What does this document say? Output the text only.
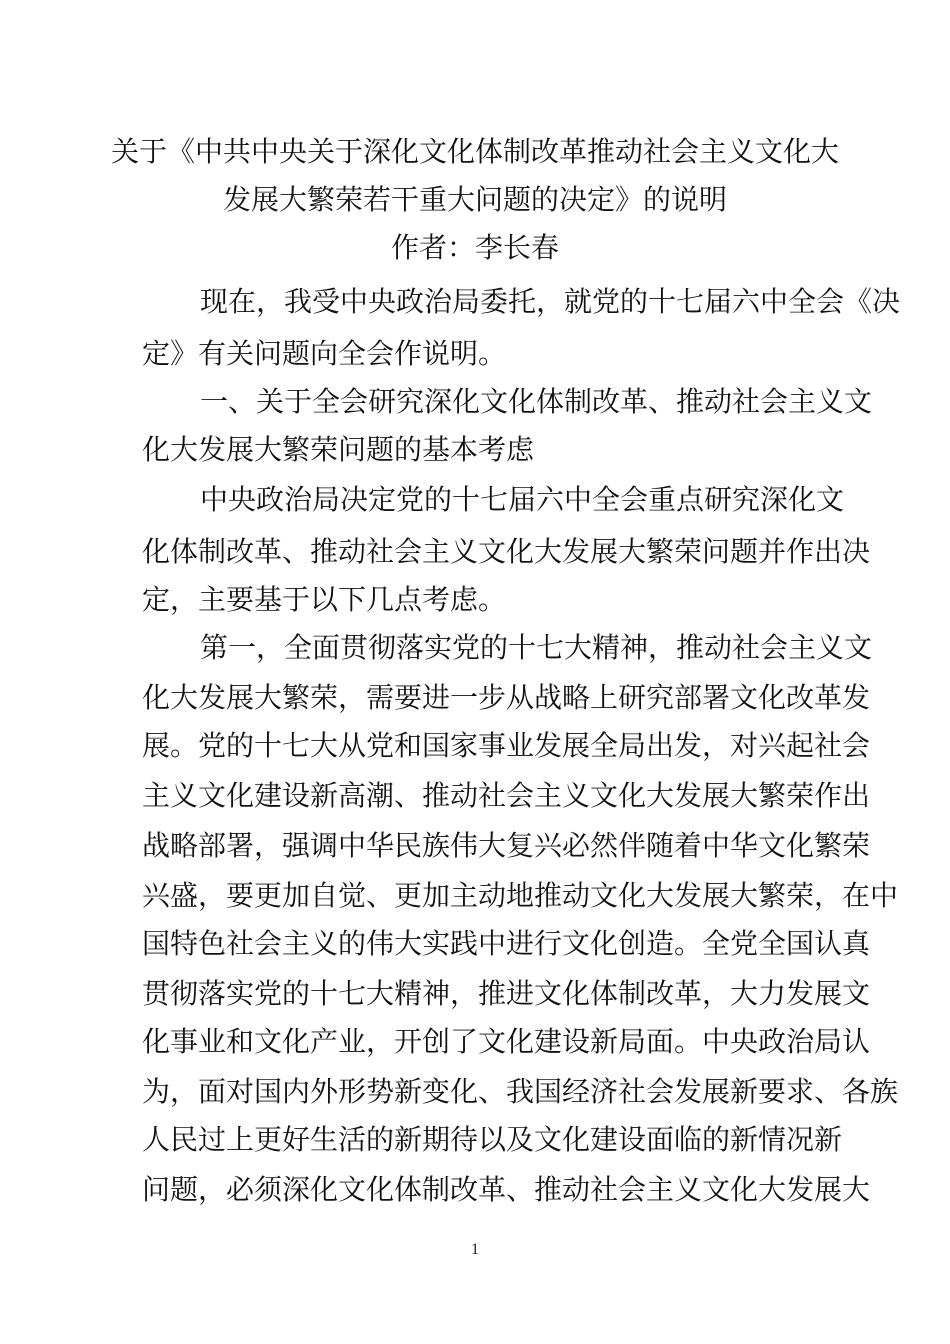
关于《中共中央关于深化文化体制改革推动社会主义文化大
发展大繁荣若干重大问题的决定》的说明
作者：李长春
现在，我受中央政治局委托，就党的十七届六中全会《决
定》有关问题向全会作说明。
一、关于全会研究深化文化体制改革、推动社会主义文
化大发展大繁荣问题的基本考虑
中央政治局决定党的十七届六中全会重点研究深化文
化体制改革、推动社会主义文化大发展大繁荣问题并作出决
定，主要基于以下几点考虑。
第一，全面贯彻落实党的十七大精神，推动社会主义文
化大发展大繁荣，需要进一步从战略上研究部署文化改革发
展。党的十七大从党和国家事业发展全局出发，对兴起社会
主义文化建设新高潮、推动社会主义文化大发展大繁荣作出
战略部署，强调中华民族伟大复兴必然伴随着中华文化繁荣
兴盛，要更加自觉、更加主动地推动文化大发展大繁荣，在中
国特色社会主义的伟大实践中进行文化创造。全党全国认真
贯彻落实党的十七大精神，推进文化体制改革，大力发展文
化事业和文化产业，开创了文化建设新局面。中央政治局认
为，面对国内外形势新变化、我国经济社会发展新要求、各族
人民过上更好生活的新期待以及文化建设面临的新情况新
问题，必须深化文化体制改革、推动社会主义文化大发展大
1
